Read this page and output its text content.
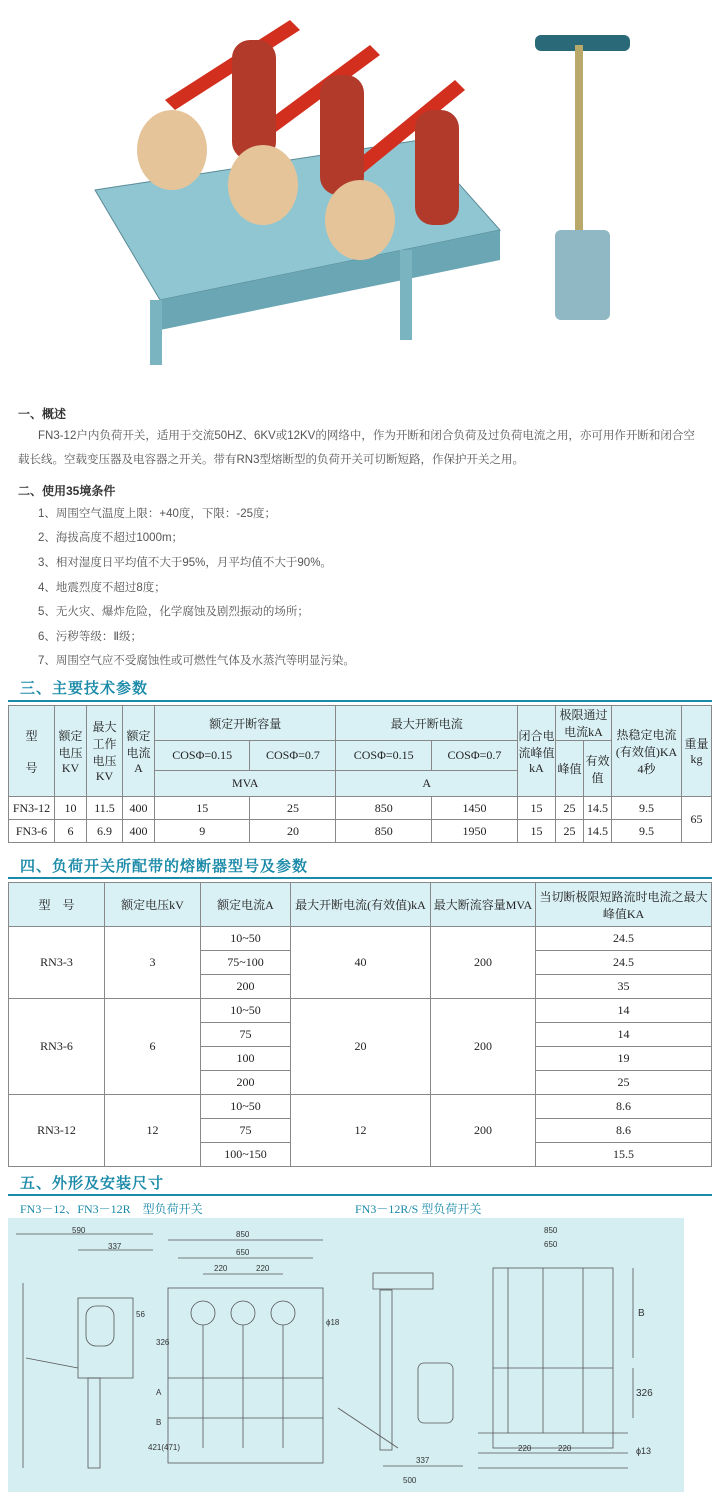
一、概述
FN3-12户内负荷开关，适用于交流50HZ、6KV或12KV的网络中，作为开断和闭合负荷及过负荷电流之用，亦可用作开断和闭合空
载长线。空载变压器及电容器之开关。带有RN3型熔断型的负荷开关可切断短路，作保护开关之用。
二、使用35境条件
1、周围空气温度上限：+40度，下限：-25度；
2、海拔高度不超过1000m；
3、相对湿度日平均值不大于95%，月平均值不大于90%。
4、地震烈度不超过8度；
5、无火灾、爆炸危险，化学腐蚀及剧烈振动的场所；
6、污秽等级：Ⅱ级；
7、周围空气应不受腐蚀性或可燃性气体及水蒸汽等明显污染。
三、主要技术参数
型

号	额定电压KV	最大工作电压KV	额定电流A	额定开断容量		最大开断电流		闭合电流峰值kA	极限通过电流kA		热稳定电流(有效值)KA 4秒	重量kg
				COSΦ=0.15	COSΦ=0.7	COSΦ=0.15	COSΦ=0.7		峰值	有效值		
				MVA		A						
FN3-12	10	11.5	400	15	25	850	1450	15	25	14.5	9.5	65
FN3-6	6	6.9	400	9	20	850	1950	15	25	14.5	9.5	
四、负荷开关所配带的熔断器型号及参数
型　号	额定电压kV	额定电流A	最大开断电流(有效值)kA	最大断流容量MVA	当切断极限短路流时电流之最大峰值KA
RN3-3	3	10~50	40	200	24.5
		75~100			24.5
		200			35
RN3-6	6	10~50	20	200	14
		75			14
		100			19
		200			25
RN3-12	12	10~50	12	200	8.6
		75			8.6
		100~150			15.5
五、外形及安装尺寸
FN3－12、FN3－12R　型负荷开关	FN3－12R/S 型负荷开关
590
337
850
650
220	220
56
ϕ18
326
A
B
421(471)
850
650
220	220
B
326
ϕ13
500
337
